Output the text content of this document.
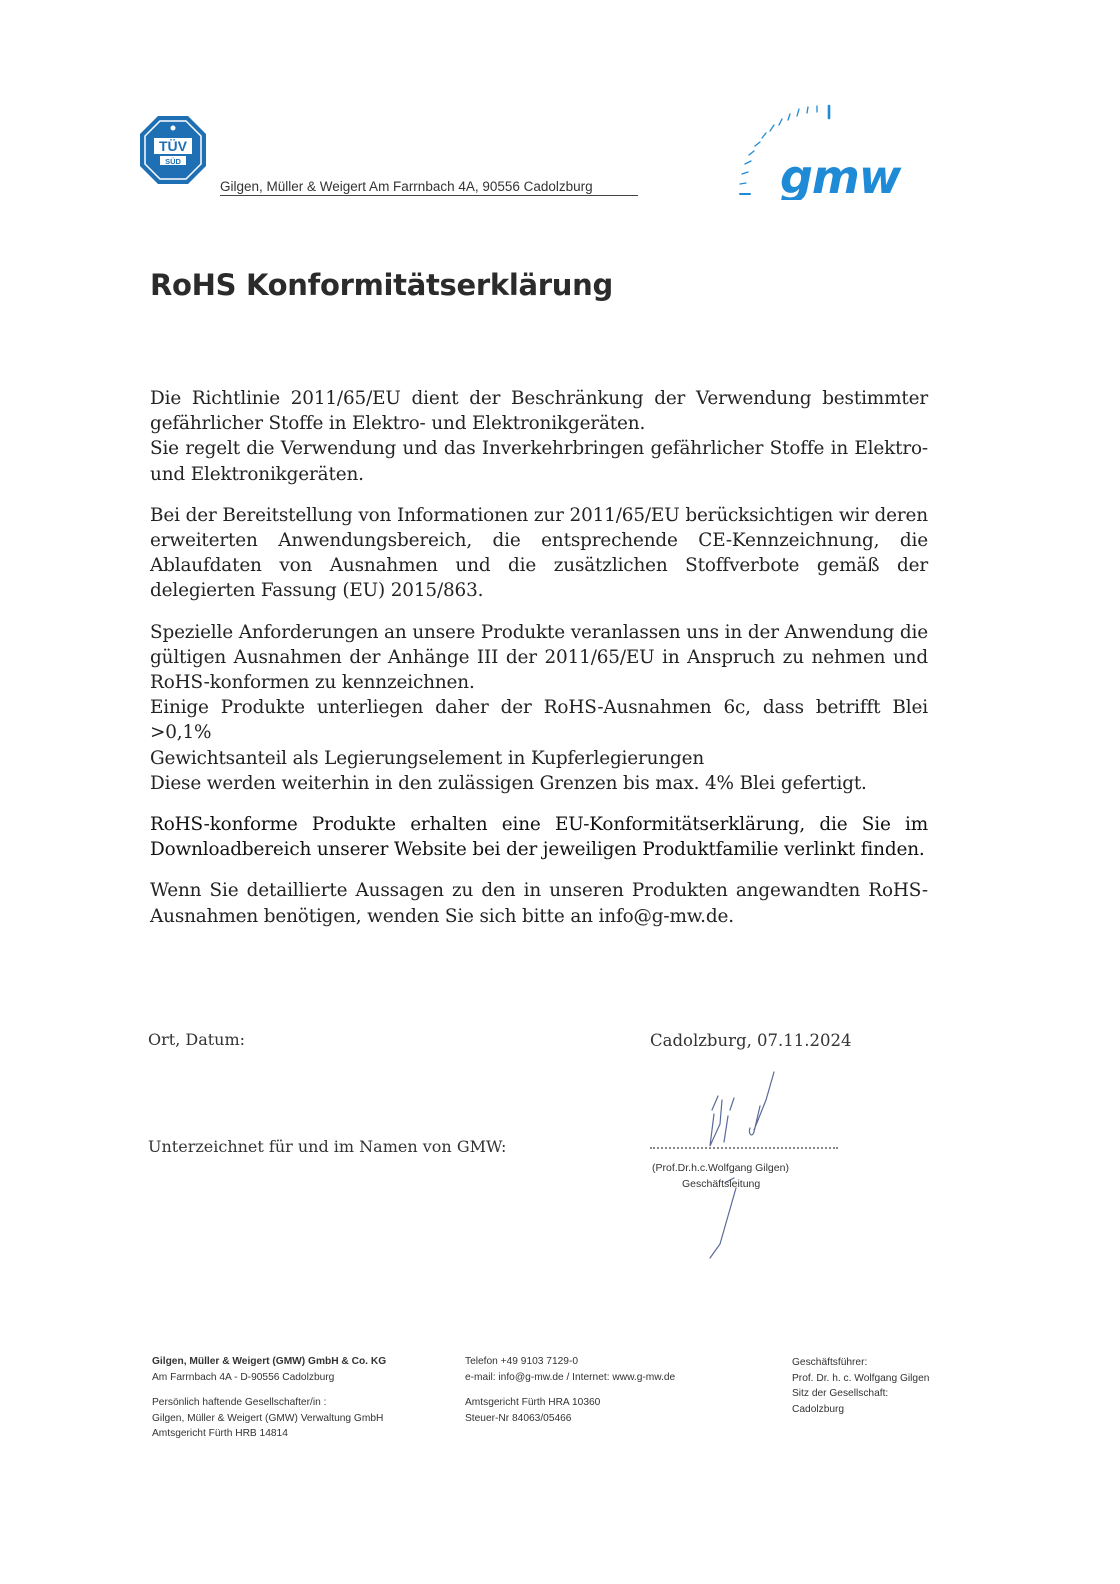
TÜV
SÜD
Gilgen, Müller & Weigert Am Farrnbach 4A, 90556 Cadolzburg	gmw
RoHS Konformitätserklärung

Die Richtlinie 2011/65/EU dient der Beschränkung der Verwendung bestimmter
gefährlicher Stoffe in Elektro- und Elektronikgeräten.
Sie regelt die Verwendung und das Inverkehrbringen gefährlicher Stoffe in Elektro-
und Elektronikgeräten.

Bei der Bereitstellung von Informationen zur 2011/65/EU berücksichtigen wir deren
erweiterten Anwendungsbereich, die entsprechende CE-Kennzeichnung, die
Ablaufdaten von Ausnahmen und die zusätzlichen Stoffverbote gemäß der
delegierten Fassung (EU) 2015/863.

Spezielle Anforderungen an unsere Produkte veranlassen uns in der Anwendung die
gültigen Ausnahmen der Anhänge III der 2011/65/EU in Anspruch zu nehmen und
RoHS-konformen zu kennzeichnen.
Einige Produkte unterliegen daher der RoHS-Ausnahmen 6c, dass betrifft Blei >0,1%
Gewichtsanteil als Legierungselement in Kupferlegierungen
Diese werden weiterhin in den zulässigen Grenzen bis max. 4% Blei gefertigt.

RoHS-konforme Produkte erhalten eine EU-Konformitätserklärung, die Sie im
Downloadbereich unserer Website bei der jeweiligen Produktfamilie verlinkt finden.

Wenn Sie detaillierte Aussagen zu den in unseren Produkten angewandten RoHS-
Ausnahmen benötigen, wenden Sie sich bitte an info@g-mw.de.

Ort, Datum:	Cadolzburg, 07.11.2024
Unterzeichnet für und im Namen von GMW:
(Prof.Dr.h.c.Wolfgang Gilgen)
Geschäftsleitung
Gilgen, Müller & Weigert (GMW) GmbH & Co. KG
Am Farrnbach 4A - D-90556 Cadolzburg
Persönlich haftende Gesellschafter/in :
Gilgen, Müller & Weigert (GMW) Verwaltung GmbH
Amtsgericht Fürth HRB 14814
Telefon +49 9103 7129-0
e-mail: info@g-mw.de / Internet: www.g-mw.de
Amtsgericht Fürth HRA 10360
Steuer-Nr 84063/05466
Geschäftsführer:
Prof. Dr. h. c. Wolfgang Gilgen
Sitz der Gesellschaft:
Cadolzburg
